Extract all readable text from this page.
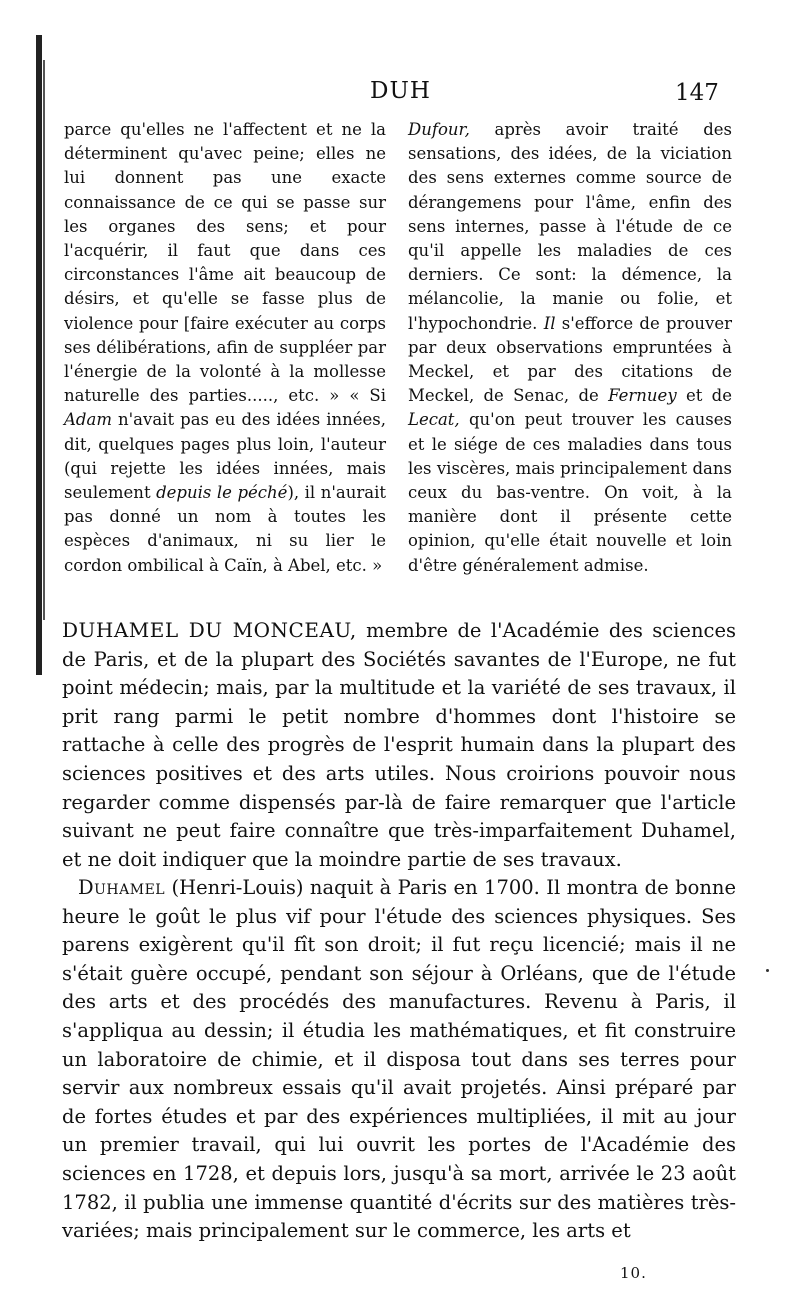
DUH	147

parce qu'elles ne l'affectent et ne la déterminent qu'avec peine; elles ne lui donnent pas une exacte connaissance de ce qui se passe sur les organes des sens; et pour l'acquérir, il faut que dans ces circonstances l'âme ait beaucoup de désirs, et qu'elle se fasse plus de violence pour [faire exécuter au corps ses délibérations, afin de suppléer par l'énergie de la volonté à la mollesse naturelle des parties....., etc. » « Si Adam n'avait pas eu des idées innées, dit, quelques pages plus loin, l'auteur (qui rejette les idées innées, mais seulement depuis le péché), il n'aurait pas donné un nom à toutes les espèces d'animaux, ni su lier le cordon ombilical à Caïn, à Abel, etc. »

Dufour, après avoir traité des sensations, des idées, de la viciation des sens externes comme source de dérangemens pour l'âme, enfin des sens internes, passe à l'étude de ce qu'il appelle les maladies de ces derniers. Ce sont: la démence, la mélancolie, la manie ou folie, et l'hypochondrie. Il s'efforce de prouver par deux observations empruntées à Meckel, et par des citations de Meckel, de Senac, de Fernuey et de Lecat, qu'on peut trouver les causes et le siége de ces maladies dans tous les viscères, mais principalement dans ceux du bas-ventre. On voit, à la manière dont il présente cette opinion, qu'elle était nouvelle et loin d'être généralement admise.

DUHAMEL DU MONCEAU, membre de l'Académie des sciences de Paris, et de la plupart des Sociétés savantes de l'Europe, ne fut point médecin; mais, par la multitude et la variété de ses travaux, il prit rang parmi le petit nombre d'hommes dont l'histoire se rattache à celle des progrès de l'esprit humain dans la plupart des sciences positives et des arts utiles. Nous croirions pouvoir nous regarder comme dispensés par-là de faire remarquer que l'article suivant ne peut faire connaître que très-imparfaitement Duhamel, et ne doit indiquer que la moindre partie de ses travaux.

Duhamel (Henri-Louis) naquit à Paris en 1700. Il montra de bonne heure le goût le plus vif pour l'étude des sciences physiques. Ses parens exigèrent qu'il fît son droit; il fut reçu licencié; mais il ne s'était guère occupé, pendant son séjour à Orléans, que de l'étude des arts et des procédés des manufactures. Revenu à Paris, il s'appliqua au dessin; il étudia les mathématiques, et fit construire un laboratoire de chimie, et il disposa tout dans ses terres pour servir aux nombreux essais qu'il avait projetés. Ainsi préparé par de fortes études et par des expériences multipliées, il mit au jour un premier travail, qui lui ouvrit les portes de l'Académie des sciences en 1728, et depuis lors, jusqu'à sa mort, arrivée le 23 août 1782, il publia une immense quantité d'écrits sur des matières très-variées; mais principalement sur le commerce, les arts et

10.
